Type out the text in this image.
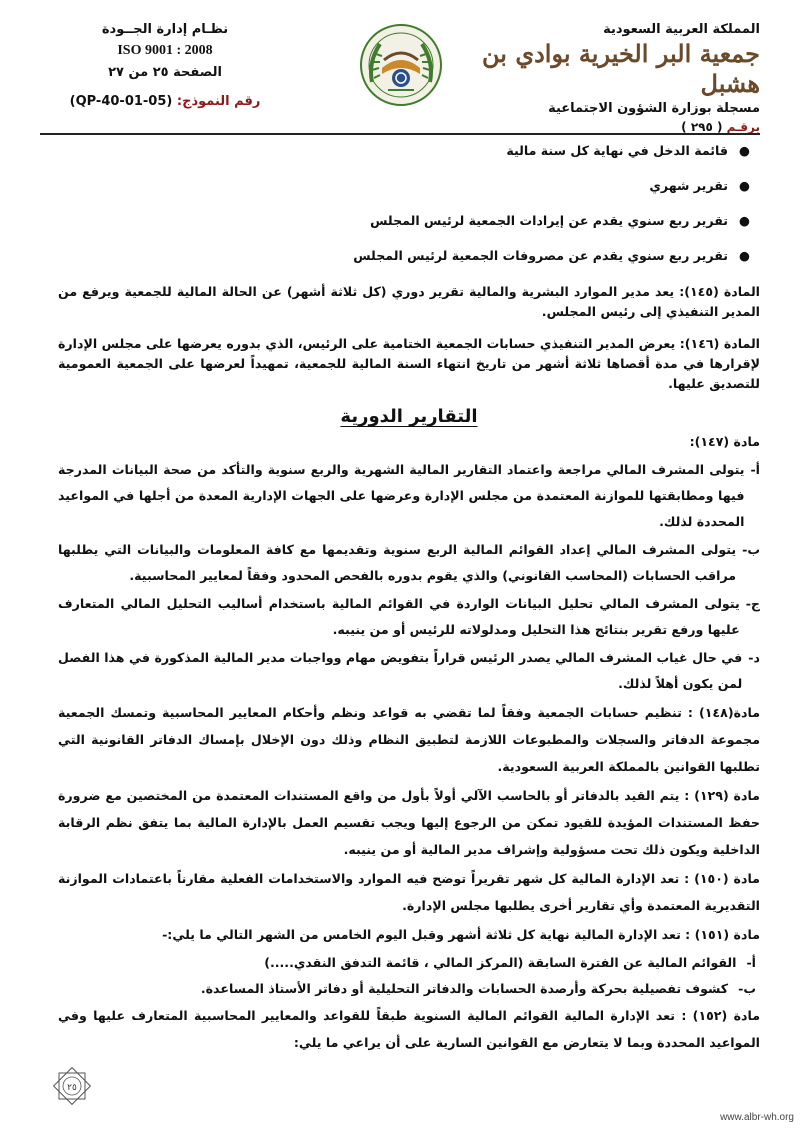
المملكة العربية السعودية
جمعية البر الخيرية بوادي بن هشبل
مسجلة بوزارة الشؤون الاجتماعية
برقـم ( ٢٩٥ )
نظـام إدارة الجــودة
ISO 9001 : 2008
الصفحة ٢٥ من ٢٧
رقم النموذج: (QP-40-01-05)
●
قائمة الدخل في نهاية كل سنة مالية
●
تقرير شهري
●
تقرير ربع سنوي يقدم عن إيرادات الجمعية لرئيس المجلس
●
تقرير ربع سنوي يقدم عن مصروفات الجمعية لرئيس المجلس

المادة (١٤٥): يعد مدير الموارد البشرية والمالية تقرير دوري (كل ثلاثة أشهر) عن الحالة المالية للجمعية ويرفع من المدير التنفيذي إلى رئيس المجلس.

المادة (١٤٦): يعرض المدير التنفيذي حسابات الجمعية الختامية على الرئيس، الذي بدوره يعرضها على مجلس الإدارة لإقرارها في مدة أقصاها ثلاثة أشهر من تاريخ انتهاء السنة المالية للجمعية، تمهيداً لعرضها على الجمعية العمومية للتصديق عليها.

التقارير الدورية

مادة (١٤٧):

أ-
يتولى المشرف المالي مراجعة واعتماد التقارير المالية الشهرية والربع سنوية والتأكد من صحة البيانات المدرجة فيها ومطابقتها للموازنة المعتمدة من مجلس الإدارة وعرضها على الجهات الإدارية المعدة من أجلها في المواعيد المحددة لذلك.
ب-
يتولى المشرف المالي إعداد القوائم المالية الربع سنوية وتقديمها مع كافة المعلومات والبيانات التي يطلبها مراقب الحسابات (المحاسب القانوني) والذي يقوم بدوره بالفحص المحدود وفقاً لمعايير المحاسبية.
ج-
يتولى المشرف المالي تحليل البيانات الواردة في القوائم المالية باستخدام أساليب التحليل المالي المتعارف عليها ورفع تقرير بنتائج هذا التحليل ومدلولاته للرئيس أو من ينيبه.
د-
في حال غياب المشرف المالي يصدر الرئيس قراراً بتفويض مهام وواجبات مدير المالية المذكورة في هذا الفصل لمن يكون أهلاً لذلك.

مادة(١٤٨) : تنظيم حسابات الجمعية وفقاً لما تقضي به قواعد ونظم وأحكام المعايير المحاسبية وتمسك الجمعية مجموعة الدفاتر والسجلات والمطبوعات اللازمة لتطبيق النظام وذلك دون الإخلال بإمساك الدفاتر القانونية التي تطلبها القوانين بالمملكة العربية السعودية.

مادة (١٢٩) : يتم القيد بالدفاتر أو بالحاسب الآلي أولاً بأول من واقع المستندات المعتمدة من المختصين مع ضرورة حفظ المستندات المؤيدة للقيود تمكن من الرجوع إليها ويجب تقسيم العمل بالإدارة المالية بما يتفق نظم الرقابة الداخلية ويكون ذلك تحت مسؤولية وإشراف مدير المالية أو من ينيبه.

مادة (١٥٠) : تعد الإدارة المالية كل شهر تقريراً توضح فيه الموارد والاستخدامات الفعلية مقارناً باعتمادات الموازنة التقديرية المعتمدة وأي تقارير أخرى يطلبها مجلس الإدارة.

مادة (١٥١) : تعد الإدارة المالية نهاية كل ثلاثة أشهر وقبل اليوم الخامس من الشهر التالي ما يلي:-

أ-
القوائم المالية عن الفترة السابقة (المركز المالي ، قائمة التدفق النقدي.....)
ب-
كشوف تفصيلية بحركة وأرصدة الحسابات والدفاتر التحليلية أو دفاتر الأستاذ المساعدة.

مادة (١٥٢) : تعد الإدارة المالية القوائم المالية السنوية طبقاً للقواعد والمعايير المحاسبية المتعارف عليها وفي المواعيد المحددة وبما لا يتعارض مع القوانين السارية على أن يراعي ما يلي:

٢٥
www.albr-wh.org
